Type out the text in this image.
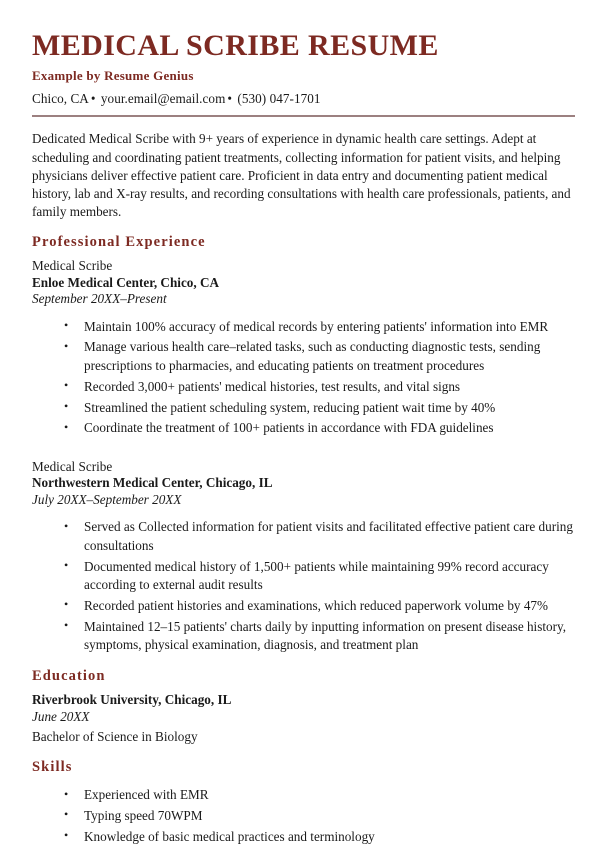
MEDICAL SCRIBE RESUME
Example by Resume Genius
Chico, CA • your.email@email.com • (530) 047-1701

Dedicated Medical Scribe with 9+ years of experience in dynamic health care settings. Adept at scheduling and coordinating patient treatments, collecting information for patient visits, and helping physicians deliver effective patient care. Proficient in data entry and documenting patient medical history, lab and X-ray results, and recording consultations with health care professionals, patients, and family members.

Professional Experience
Medical Scribe
Enloe Medical Center, Chico, CA
September 20XX–Present
• Maintain 100% accuracy of medical records by entering patients' information into EMR
• Manage various health care–related tasks, such as conducting diagnostic tests, sending prescriptions to pharmacies, and educating patients on treatment procedures
• Recorded 3,000+ patients' medical histories, test results, and vital signs
• Streamlined the patient scheduling system, reducing patient wait time by 40%
• Coordinate the treatment of 100+ patients in accordance with FDA guidelines
Medical Scribe
Northwestern Medical Center, Chicago, IL
July 20XX–September 20XX
• Served as Collected information for patient visits and facilitated effective patient care during consultations
• Documented medical history of 1,500+ patients while maintaining 99% record accuracy according to external audit results
• Recorded patient histories and examinations, which reduced paperwork volume by 47%
• Maintained 12–15 patients' charts daily by inputting information on present disease history, symptoms, physical examination, diagnosis, and treatment plan
Education
Riverbrook University, Chicago, IL
June 20XX
Bachelor of Science in Biology
Skills
• Experienced with EMR
• Typing speed 70WPM
• Knowledge of basic medical practices and terminology
